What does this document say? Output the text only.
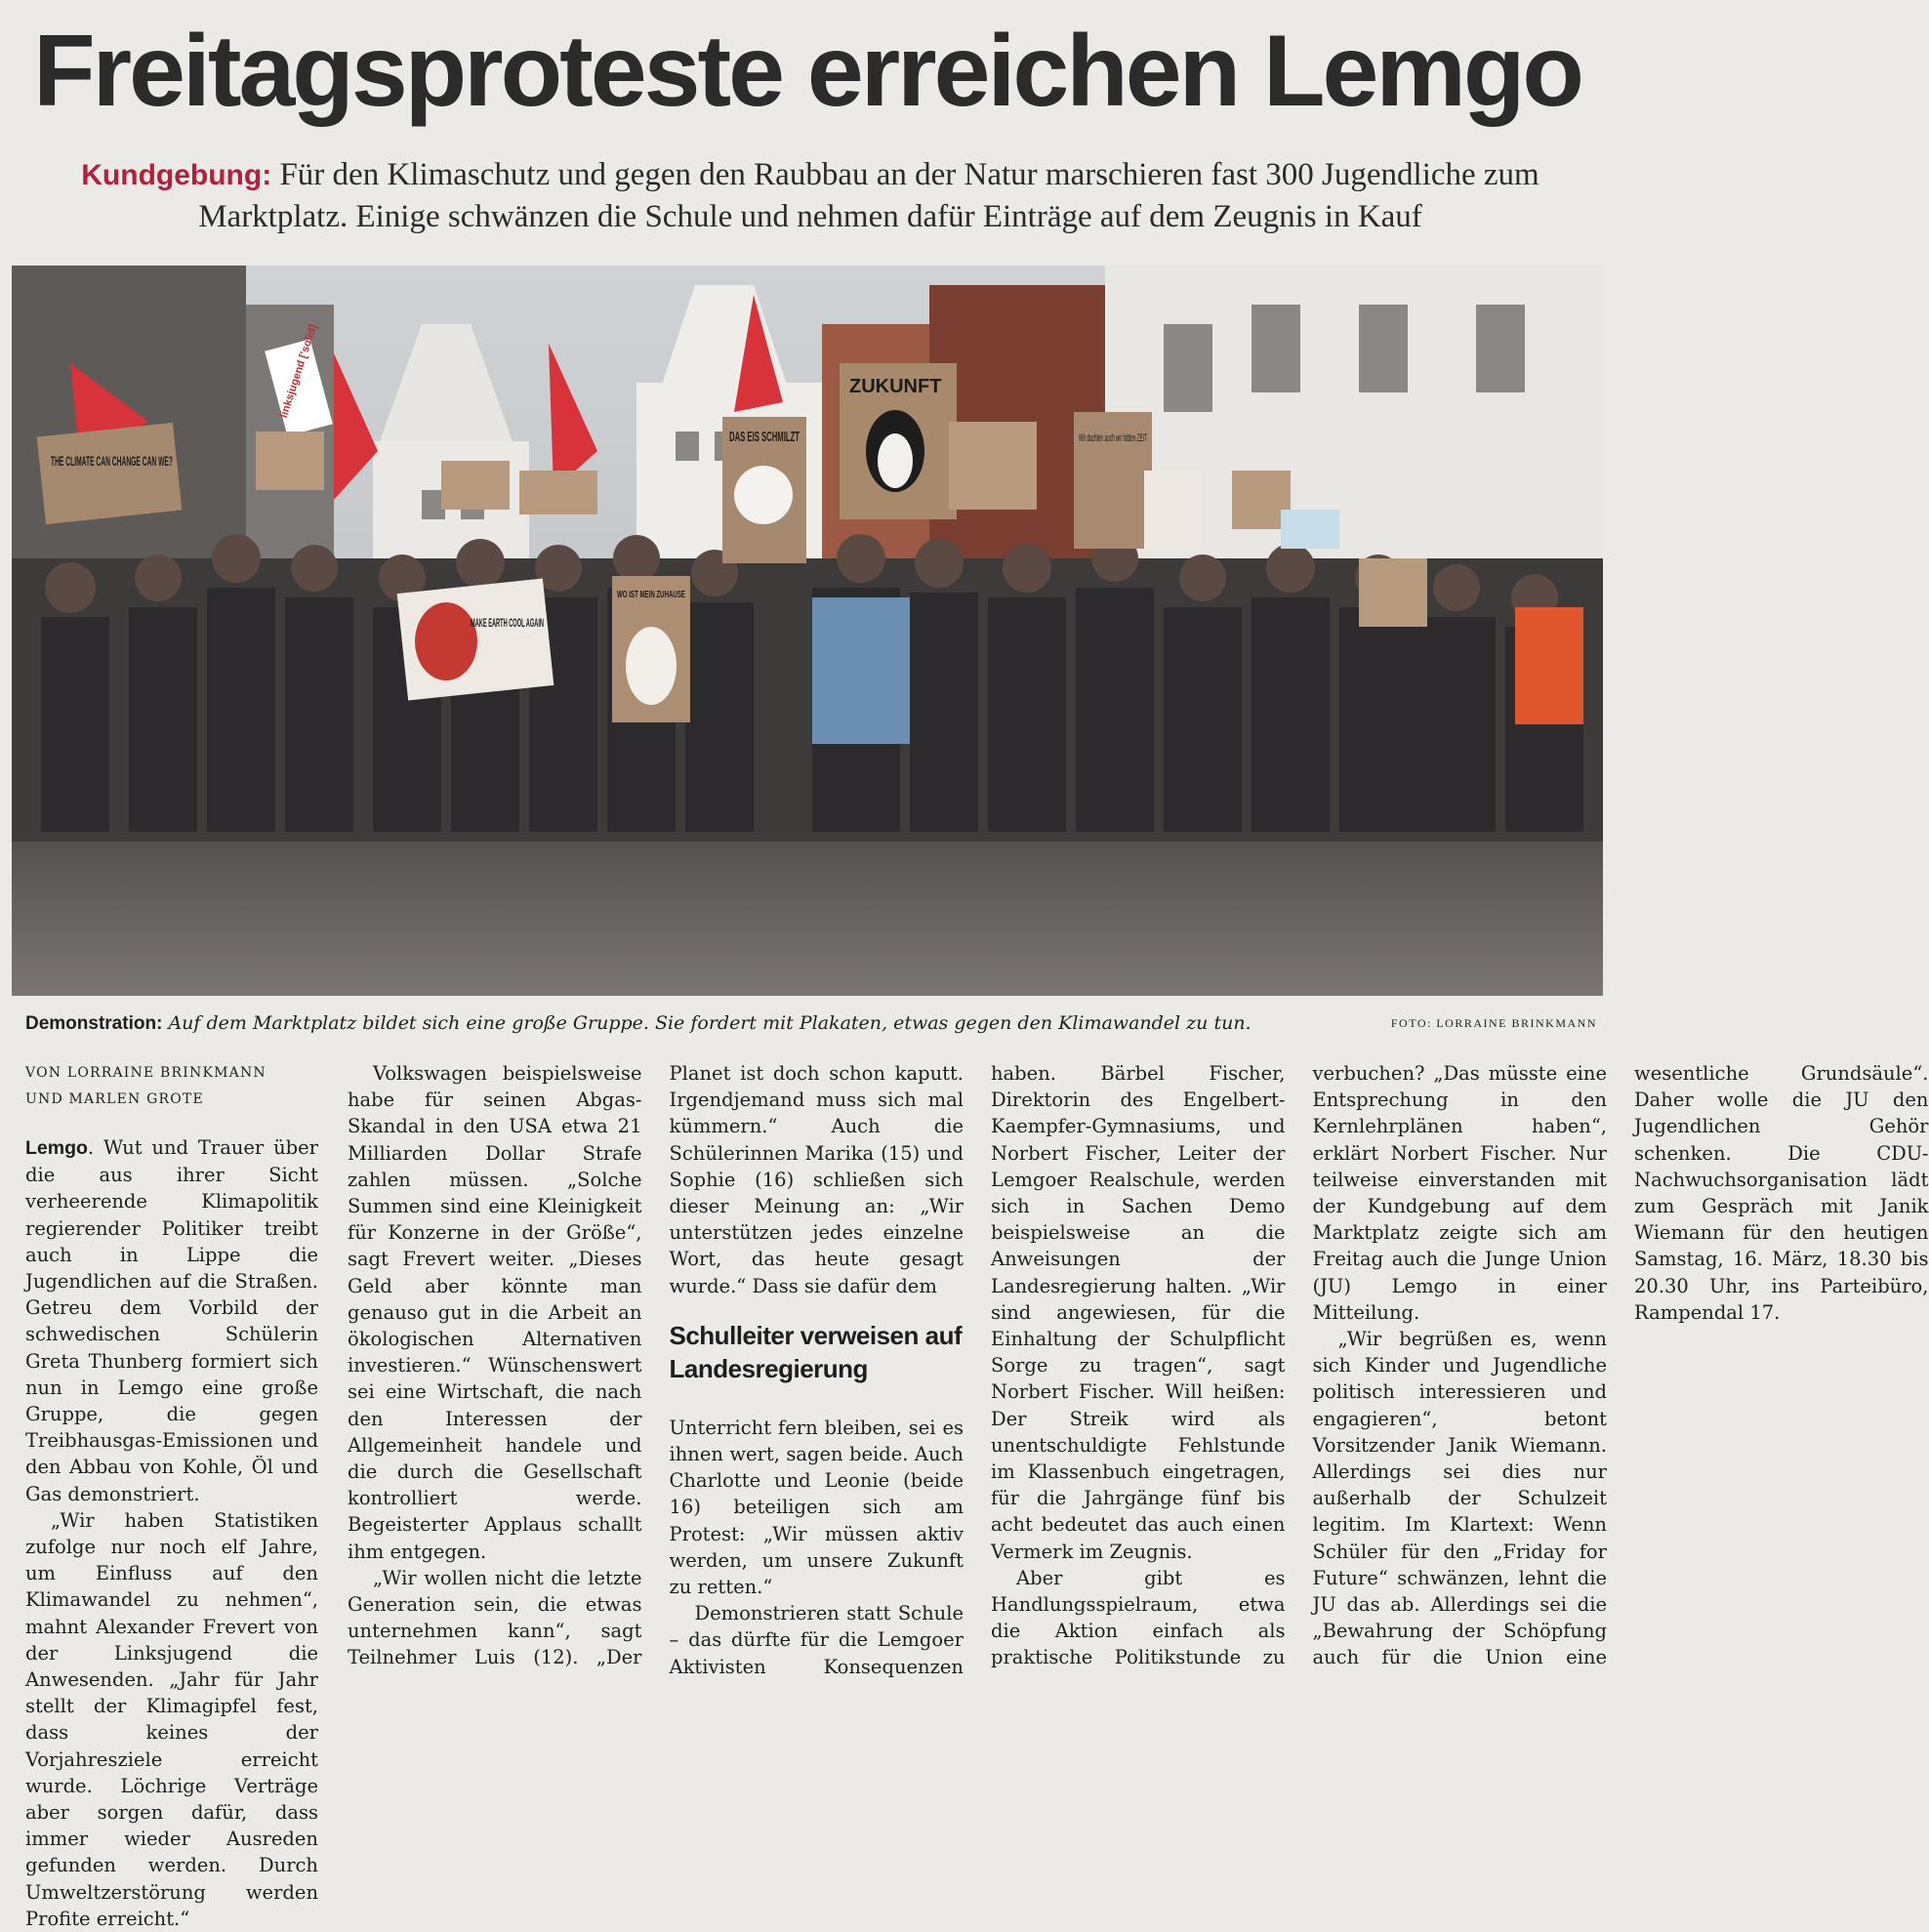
Freitagsproteste erreichen Lemgo

Kundgebung: Für den Klimaschutz und gegen den Raubbau an der Natur marschieren fast 300 Jugendliche zum Marktplatz. Einige schwänzen die Schule und nehmen dafür Einträge auf dem Zeugnis in Kauf

THE CLIMATE CAN CHANGE CAN WE?
linksjugend ['solid]	ZUKUNFT
DAS EIS SCHMILZT	Wir dachten auch wir hätten ZEIT
MAKE EARTH COOL AGAIN
WO IST MEIN ZUHAUSE
Demonstration: Auf dem Marktplatz bildet sich eine große Gruppe. Sie fordert mit Plakaten, etwas gegen den Klimawandel zu tun.	FOTO: LORRAINE BRINKMANN

VON LORRAINE BRINKMANN
UND MARLEN GROTE

Lemgo. Wut und Trauer über die aus ihrer Sicht verheerende Klimapolitik regierender Politiker treibt auch in Lippe die Jugendlichen auf die Straßen. Getreu dem Vorbild der schwedischen Schülerin Greta Thunberg formiert sich nun in Lemgo eine große Gruppe, die gegen Treibhausgas-Emissionen und den Abbau von Kohle, Öl und Gas demonstriert.

„Wir haben Statistiken zufolge nur noch elf Jahre, um Einfluss auf den Klimawandel zu nehmen“, mahnt Alexander Frevert von der Linksjugend die Anwesenden. „Jahr für Jahr stellt der Klimagipfel fest, dass keines der Vorjahresziele erreicht wurde. Löchrige Verträge aber sorgen dafür, dass immer wieder Ausreden gefunden werden. Durch Umweltzerstörung werden Profite erreicht.“

Volkswagen beispielsweise habe für seinen Abgas-Skandal in den USA etwa 21 Milliarden Dollar Strafe zahlen müssen. „Solche Summen sind eine Kleinigkeit für Konzerne in der Größe“, sagt Frevert weiter. „Dieses Geld aber könnte man genauso gut in die Arbeit an ökologischen Alternativen investieren.“ Wünschenswert sei eine Wirtschaft, die nach den Interessen der Allgemeinheit handele und die durch die Gesellschaft kontrolliert werde. Begeisterter Applaus schallt ihm entgegen.

„Wir wollen nicht die letzte Generation sein, die etwas unternehmen kann“, sagt Teilnehmer Luis (12). „Der Planet ist doch schon kaputt. Irgendjemand muss sich mal kümmern.“ Auch die Schülerinnen Marika (15) und Sophie (16) schließen sich dieser Meinung an: „Wir unterstützen jedes einzelne Wort, das heute gesagt wurde.“ Dass sie dafür dem

Schulleiter verweisen auf Landesregierung

Unterricht fern bleiben, sei es ihnen wert, sagen beide. Auch Charlotte und Leonie (beide 16) beteiligen sich am Protest: „Wir müssen aktiv werden, um unsere Zukunft zu retten.“

Demonstrieren statt Schule – das dürfte für die Lemgoer Aktivisten Konsequenzen haben. Bärbel Fischer, Direktorin des Engelbert-Kaempfer-Gymnasiums, und Norbert Fischer, Leiter der Lemgoer Realschule, werden sich in Sachen Demo beispielsweise an die Anweisungen der Landesregierung halten. „Wir sind angewiesen, für die Einhaltung der Schulpflicht Sorge zu tragen“, sagt Norbert Fischer. Will heißen: Der Streik wird als unentschuldigte Fehlstunde im Klassenbuch eingetragen, für die Jahrgänge fünf bis acht bedeutet das auch einen Vermerk im Zeugnis.

Aber gibt es Handlungsspielraum, etwa die Aktion einfach als praktische Politikstunde zu verbuchen? „Das müsste eine Entsprechung in den Kernlehrplänen haben“, erklärt Norbert Fischer. Nur teilweise einverstanden mit der Kundgebung auf dem Marktplatz zeigte sich am Freitag auch die Junge Union (JU) Lemgo in einer Mitteilung.

„Wir begrüßen es, wenn sich Kinder und Jugendliche politisch interessieren und engagieren“, betont Vorsitzender Janik Wiemann. Allerdings sei dies nur außerhalb der Schulzeit legitim. Im Klartext: Wenn Schüler für den „Friday for Future“ schwänzen, lehnt die JU das ab. Allerdings sei die „Bewahrung der Schöpfung auch für die Union eine wesentliche Grundsäule“. Daher wolle die JU den Jugendlichen Gehör schenken. Die CDU-Nachwuchsorganisation lädt zum Gespräch mit Janik Wiemann für den heutigen Samstag, 16. März, 18.30 bis 20.30 Uhr, ins Parteibüro, Rampendal 17.
